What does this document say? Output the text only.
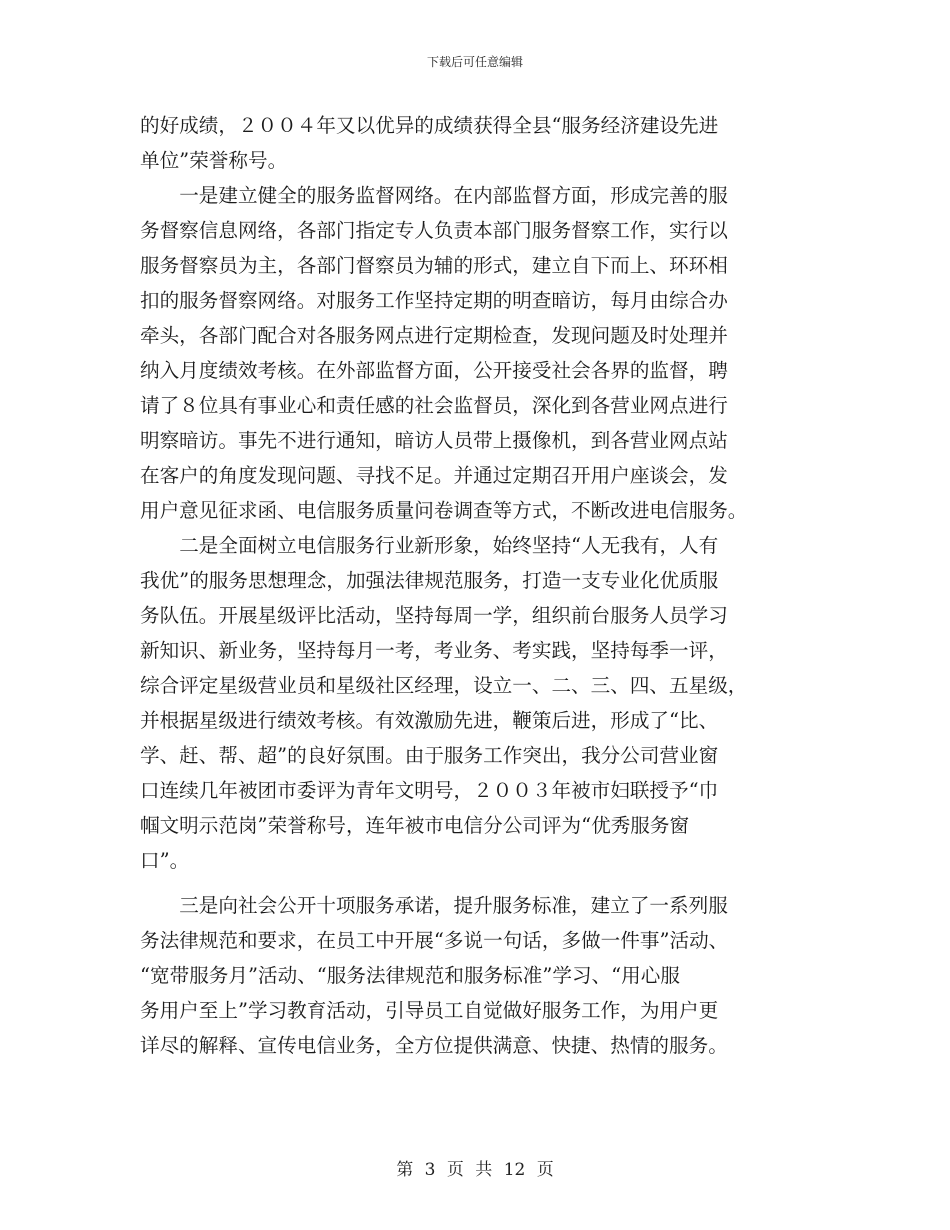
下载后可任意编辑
的好成绩，２００４年又以优异的成绩获得全县“服务经济建设先进
单位”荣誉称号。
一是建立健全的服务监督网络。在内部监督方面，形成完善的服
务督察信息网络，各部门指定专人负责本部门服务督察工作，实行以
服务督察员为主，各部门督察员为辅的形式，建立自下而上、环环相
扣的服务督察网络。对服务工作坚持定期的明查暗访，每月由综合办
牵头，各部门配合对各服务网点进行定期检查，发现问题及时处理并
纳入月度绩效考核。在外部监督方面，公开接受社会各界的监督，聘
请了８位具有事业心和责任感的社会监督员，深化到各营业网点进行
明察暗访。事先不进行通知，暗访人员带上摄像机，到各营业网点站
在客户的角度发现问题、寻找不足。并通过定期召开用户座谈会，发
用户意见征求函、电信服务质量问卷调查等方式，不断改进电信服务。
二是全面树立电信服务行业新形象，始终坚持“人无我有，人有
我优”的服务思想理念，加强法律规范服务，打造一支专业化优质服
务队伍。开展星级评比活动，坚持每周一学，组织前台服务人员学习
新知识、新业务，坚持每月一考，考业务、考实践，坚持每季一评，
综合评定星级营业员和星级社区经理，设立一、二、三、四、五星级，
并根据星级进行绩效考核。有效激励先进，鞭策后进，形成了“比、
学、赶、帮、超”的良好氛围。由于服务工作突出，我分公司营业窗
口连续几年被团市委评为青年文明号，２００３年被市妇联授予“巾
帼文明示范岗”荣誉称号，连年被市电信分公司评为“优秀服务窗
口”。
三是向社会公开十项服务承诺，提升服务标准，建立了一系列服
务法律规范和要求，在员工中开展“多说一句话，多做一件事”活动、
“宽带服务月”活动、“服务法律规范和服务标准”学习、“用心服
务用户至上”学习教育活动，引导员工自觉做好服务工作，为用户更
详尽的解释、宣传电信业务，全方位提供满意、快捷、热情的服务。
第 3 页 共 12 页
